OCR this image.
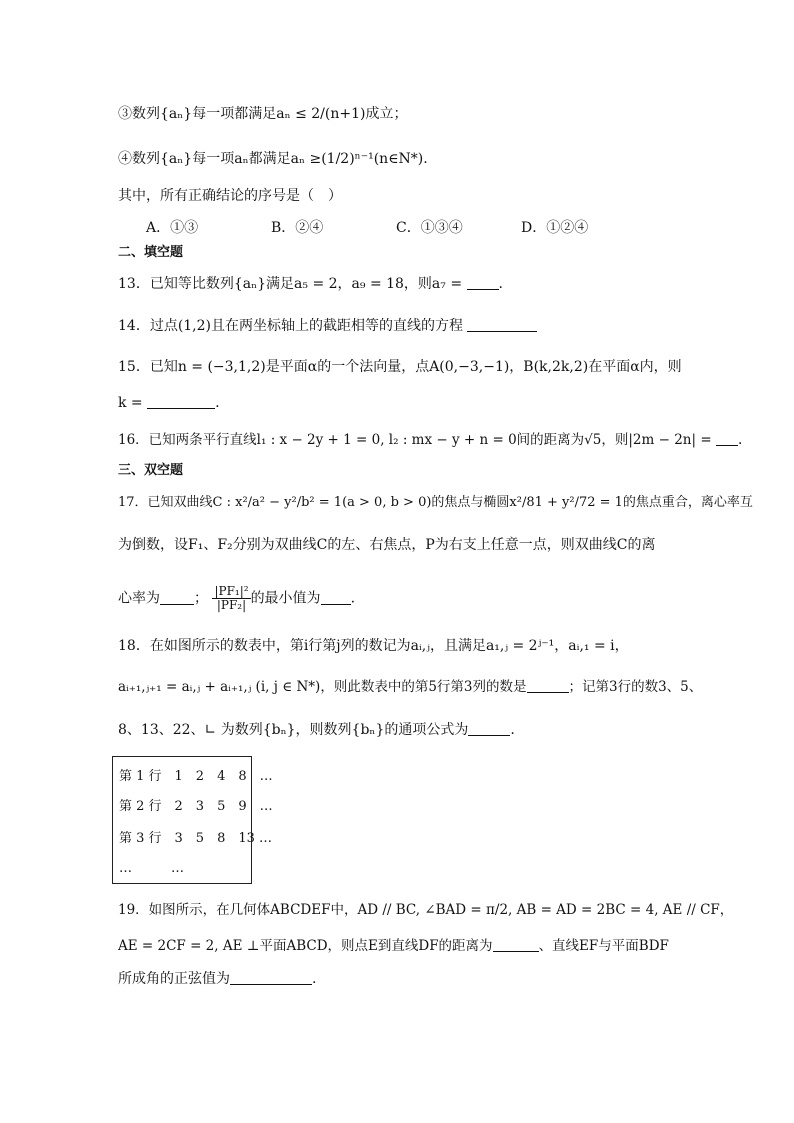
③数列{aₙ}每一项都满足aₙ ≤ 2/(n+1)成立；
④数列{aₙ}每一项aₙ都满足aₙ ≥(1/2)ⁿ⁻¹(n∈N*).
其中，所有正确结论的序号是（　）
A．①③	B．②④	C．①③④	D．①②④
二、填空题
13．已知等比数列{aₙ}满足a₅ = 2，a₉ = 18，则a₇ =	.
14．过点(1,2)且在两坐标轴上的截距相等的直线的方程
15．已知n = (−3,1,2)是平面α的一个法向量，点A(0,−3,−1)，B(k,2k,2)在平面α内，则
k =	.
16．已知两条平行直线l₁ : x − 2y + 1 = 0, l₂ : mx − y + n = 0间的距离为√5，则|2m − 2n| = .
三、双空题
17．已知双曲线C : x²/a² − y²/b² = 1(a > 0, b > 0)的焦点与椭圆x²/81 + y²/72 = 1的焦点重合，离心率互
为倒数，设F₁、F₂分别为双曲线C的左、右焦点，P为右支上任意一点，则双曲线C的离
心率为 ； $\frac{\text{|PF₁|²}}{\text{|PF₂|}}$ 的最小值为 .
18．在如图所示的数表中，第i行第j列的数记为aᵢ,ⱼ，且满足a₁,ⱼ = 2ʲ⁻¹，aᵢ,₁ = i，
aᵢ₊₁,ⱼ₊₁ = aᵢ,ⱼ + aᵢ₊₁,ⱼ (i, j ∈ N*)，则此数表中的第5行第3列的数是	；记第3行的数3、5、
8、13、22、∟ 为数列{bₙ}，则数列{bₙ}的通项公式为	.
第 1 行　1　2　4　8　…
第 2 行　2　3　5　9　…
第 3 行　3　5　8　13 …
…　　　…
19．如图所示，在几何体ABCDEF中，AD // BC, ∠BAD = π/2, AB = AD = 2BC = 4, AE // CF，
AE = 2CF = 2, AE ⊥平面ABCD，则点E到直线DF的距离为	、直线EF与平面BDF
所成角的正弦值为	.
